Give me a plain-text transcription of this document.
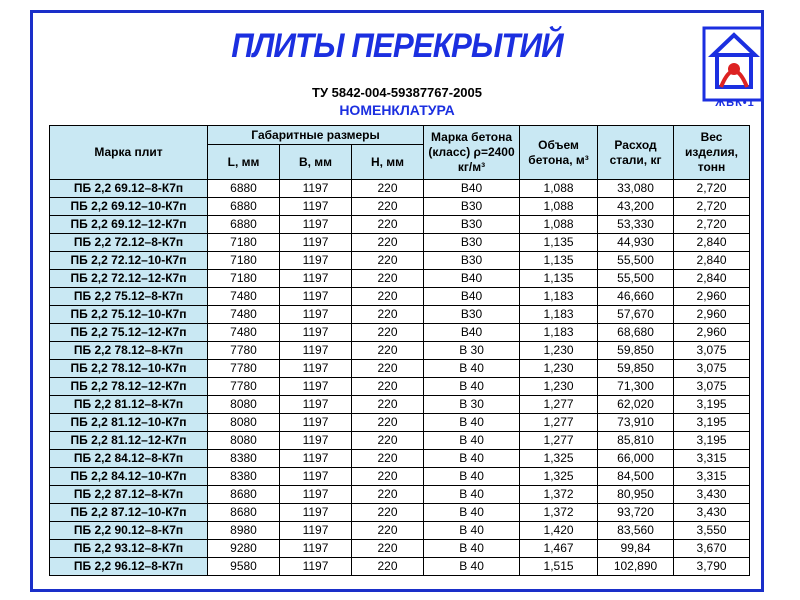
ПЛИТЫ ПЕРЕКРЫТИЙ
ТУ 5842-004-59387767-2005
НОМЕНКЛАТУРА	ЖБК•1
Марка плит	Габаритные размеры			Марка бетона (класс) ρ=2400 кг/м³	Объем бетона, м³	Расход стали, кг	Вес изделия, тонн
	L, мм	B, мм	H, мм				
ПБ 2,2 69.12–8-К7п	6880	1197	220	В40	1,088	33,080	2,720
ПБ 2,2 69.12–10-К7п	6880	1197	220	В30	1,088	43,200	2,720
ПБ 2,2 69.12–12-К7п	6880	1197	220	В30	1,088	53,330	2,720
ПБ 2,2 72.12–8-К7п	7180	1197	220	В30	1,135	44,930	2,840
ПБ 2,2 72.12–10-К7п	7180	1197	220	В30	1,135	55,500	2,840
ПБ 2,2 72.12–12-К7п	7180	1197	220	В40	1,135	55,500	2,840
ПБ 2,2 75.12–8-К7п	7480	1197	220	В40	1,183	46,660	2,960
ПБ 2,2 75.12–10-К7п	7480	1197	220	В30	1,183	57,670	2,960
ПБ 2,2 75.12–12-К7п	7480	1197	220	В40	1,183	68,680	2,960
ПБ 2,2 78.12–8-К7п	7780	1197	220	В 30	1,230	59,850	3,075
ПБ 2,2 78.12–10-К7п	7780	1197	220	В 40	1,230	59,850	3,075
ПБ 2,2 78.12–12-К7п	7780	1197	220	В 40	1,230	71,300	3,075
ПБ 2,2 81.12–8-К7п	8080	1197	220	В 30	1,277	62,020	3,195
ПБ 2,2 81.12–10-К7п	8080	1197	220	В 40	1,277	73,910	3,195
ПБ 2,2 81.12–12-К7п	8080	1197	220	В 40	1,277	85,810	3,195
ПБ 2,2 84.12–8-К7п	8380	1197	220	В 40	1,325	66,000	3,315
ПБ 2,2 84.12–10-К7п	8380	1197	220	В 40	1,325	84,500	3,315
ПБ 2,2 87.12–8-К7п	8680	1197	220	В 40	1,372	80,950	3,430
ПБ 2,2 87.12–10-К7п	8680	1197	220	В 40	1,372	93,720	3,430
ПБ 2,2 90.12–8-К7п	8980	1197	220	В 40	1,420	83,560	3,550
ПБ 2,2 93.12–8-К7п	9280	1197	220	В 40	1,467	99,84	3,670
ПБ 2,2 96.12–8-К7п	9580	1197	220	В 40	1,515	102,890	3,790
